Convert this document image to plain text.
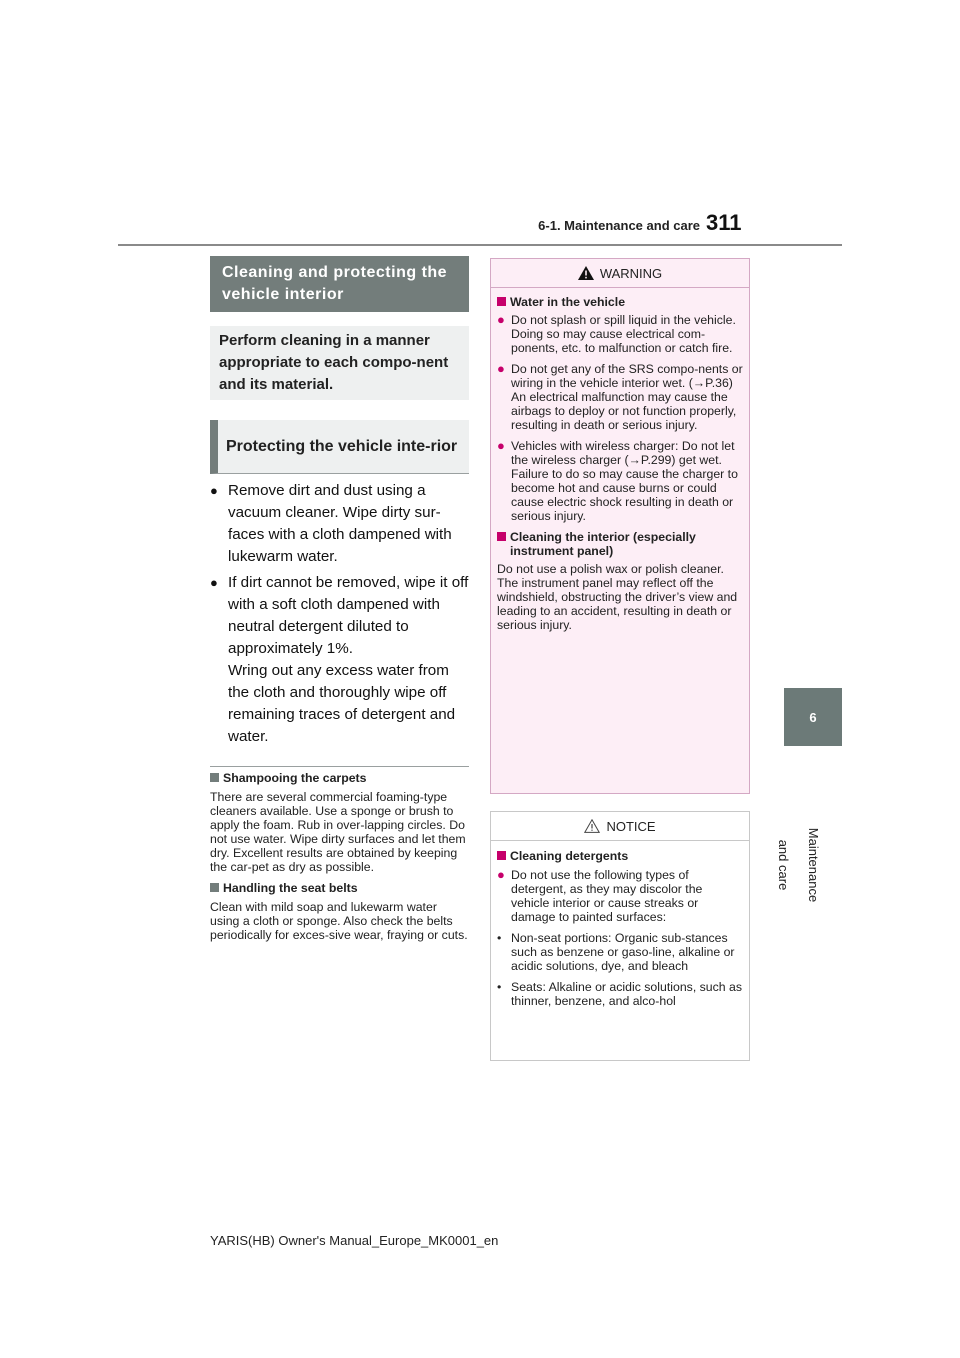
6-1. Maintenance and care 311
6
Maintenance and care
Cleaning and protecting the vehicle interior
Perform cleaning in a manner appropriate to each compo-nent and its material.
Protecting the vehicle inte-rior
● Remove dirt and dust using a vacuum cleaner. Wipe dirty sur-faces with a cloth dampened with lukewarm water.
● If dirt cannot be removed, wipe it off with a soft cloth dampened with neutral detergent diluted to approximately 1%.
Wring out any excess water from the cloth and thoroughly wipe off remaining traces of detergent and water.
Shampooing the carpets
There are several commercial foaming-type cleaners available. Use a sponge or brush to apply the foam. Rub in over-lapping circles. Do not use water. Wipe dirty surfaces and let them dry. Excellent results are obtained by keeping the car-pet as dry as possible.
Handling the seat belts
Clean with mild soap and lukewarm water using a cloth or sponge. Also check the belts periodically for exces-sive wear, fraying or cuts.
WARNING
Water in the vehicle
● Do not splash or spill liquid in the vehicle. Doing so may cause electrical com-ponents, etc. to malfunction or catch fire.
● Do not get any of the SRS compo-nents or wiring in the vehicle interior wet. (→P.36) An electrical malfunction may cause the airbags to deploy or not function properly, resulting in death or serious injury.
● Vehicles with wireless charger: Do not let the wireless charger (→P.299) get wet. Failure to do so may cause the charger to become hot and cause burns or could cause electric shock resulting in death or serious injury.
Cleaning the interior (especially instrument panel)
Do not use a polish wax or polish cleaner. The instrument panel may reflect off the windshield, obstructing the driver’s view and leading to an accident, resulting in death or serious injury.
NOTICE
Cleaning detergents
● Do not use the following types of detergent, as they may discolor the vehicle interior or cause streaks or damage to painted surfaces:
• Non-seat portions: Organic sub-stances such as benzene or gaso-line, alkaline or acidic solutions, dye, and bleach
• Seats: Alkaline or acidic solutions, such as thinner, benzene, and alco-hol
YARIS(HB) Owner's Manual_Europe_MK0001_en
